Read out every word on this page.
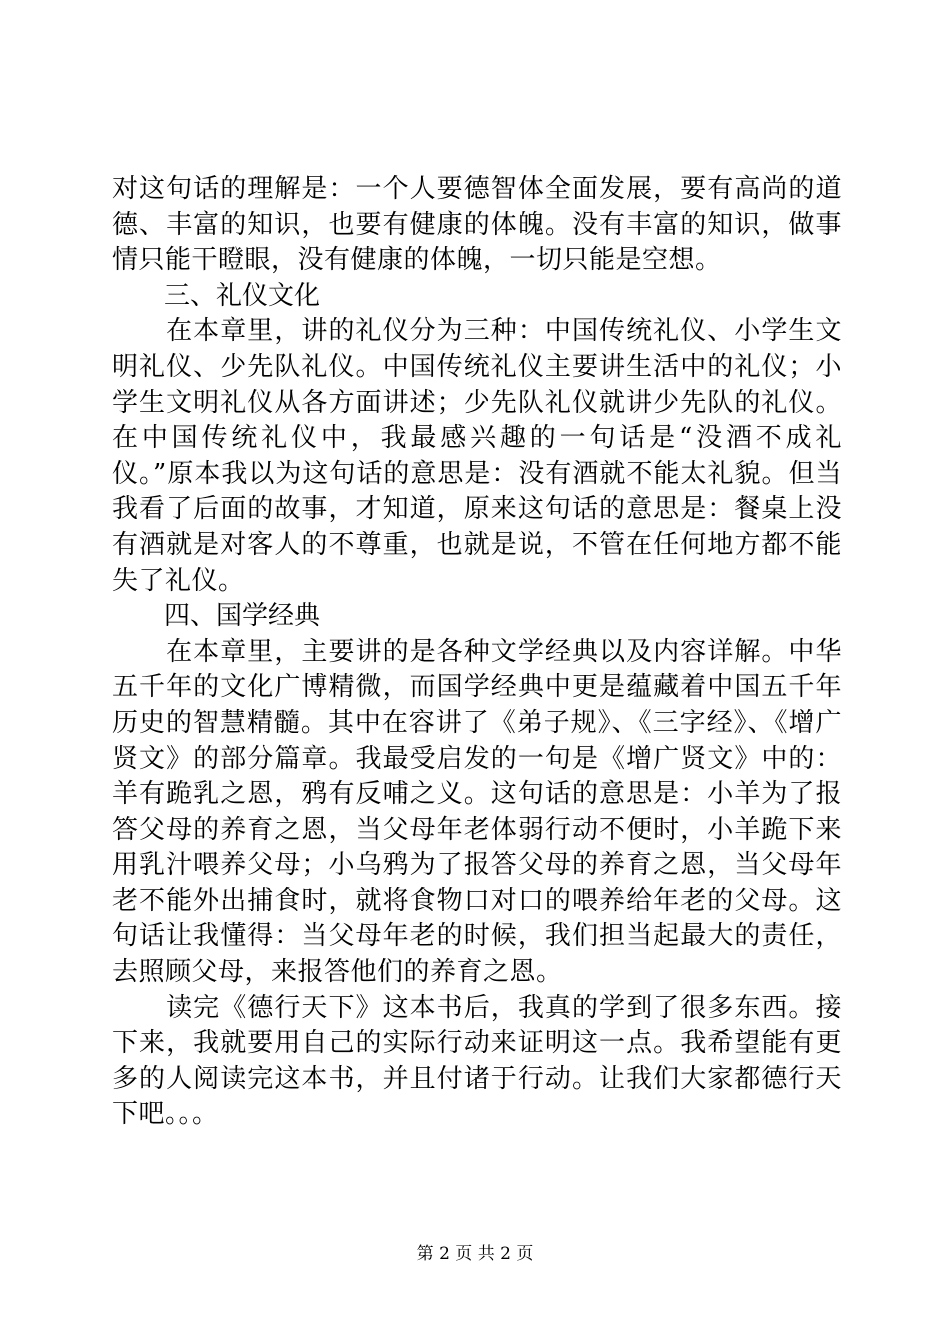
对这句话的理解是：一个人要德智体全面发展，要有高尚的道德、丰富的知识，也要有健康的体魄。没有丰富的知识，做事情只能干瞪眼，没有健康的体魄，一切只能是空想。

三、礼仪文化

　　在本章里，讲的礼仪分为三种：中国传统礼仪、小学生文明礼仪、少先队礼仪。中国传统礼仪主要讲生活中的礼仪；小学生文明礼仪从各方面讲述；少先队礼仪就讲少先队的礼仪。在中国传统礼仪中，我最感兴趣的一句话是“没酒不成礼仪。”原本我以为这句话的意思是：没有酒就不能太礼貌。但当我看了后面的故事，才知道，原来这句话的意思是：餐桌上没有酒就是对客人的不尊重，也就是说，不管在任何地方都不能失了礼仪。

四、国学经典

　　在本章里，主要讲的是各种文学经典以及内容详解。中华五千年的文化广博精微，而国学经典中更是蕴藏着中国五千年历史的智慧精髓。其中在容讲了《弟子规》、《三字经》、《增广贤文》的部分篇章。我最受启发的一句是《增广贤文》中的：羊有跪乳之恩，鸦有反哺之义。这句话的意思是：小羊为了报答父母的养育之恩，当父母年老体弱行动不便时，小羊跪下来用乳汁喂养父母；小乌鸦为了报答父母的养育之恩，当父母年老不能外出捕食时，就将食物口对口的喂养给年老的父母。这句话让我懂得：当父母年老的时候，我们担当起最大的责任，去照顾父母，来报答他们的养育之恩。

　　读完《德行天下》这本书后，我真的学到了很多东西。接下来，我就要用自己的实际行动来证明这一点。我希望能有更多的人阅读完这本书，并且付诸于行动。让我们大家都德行天下吧。。。

第 2 页 共 2 页
